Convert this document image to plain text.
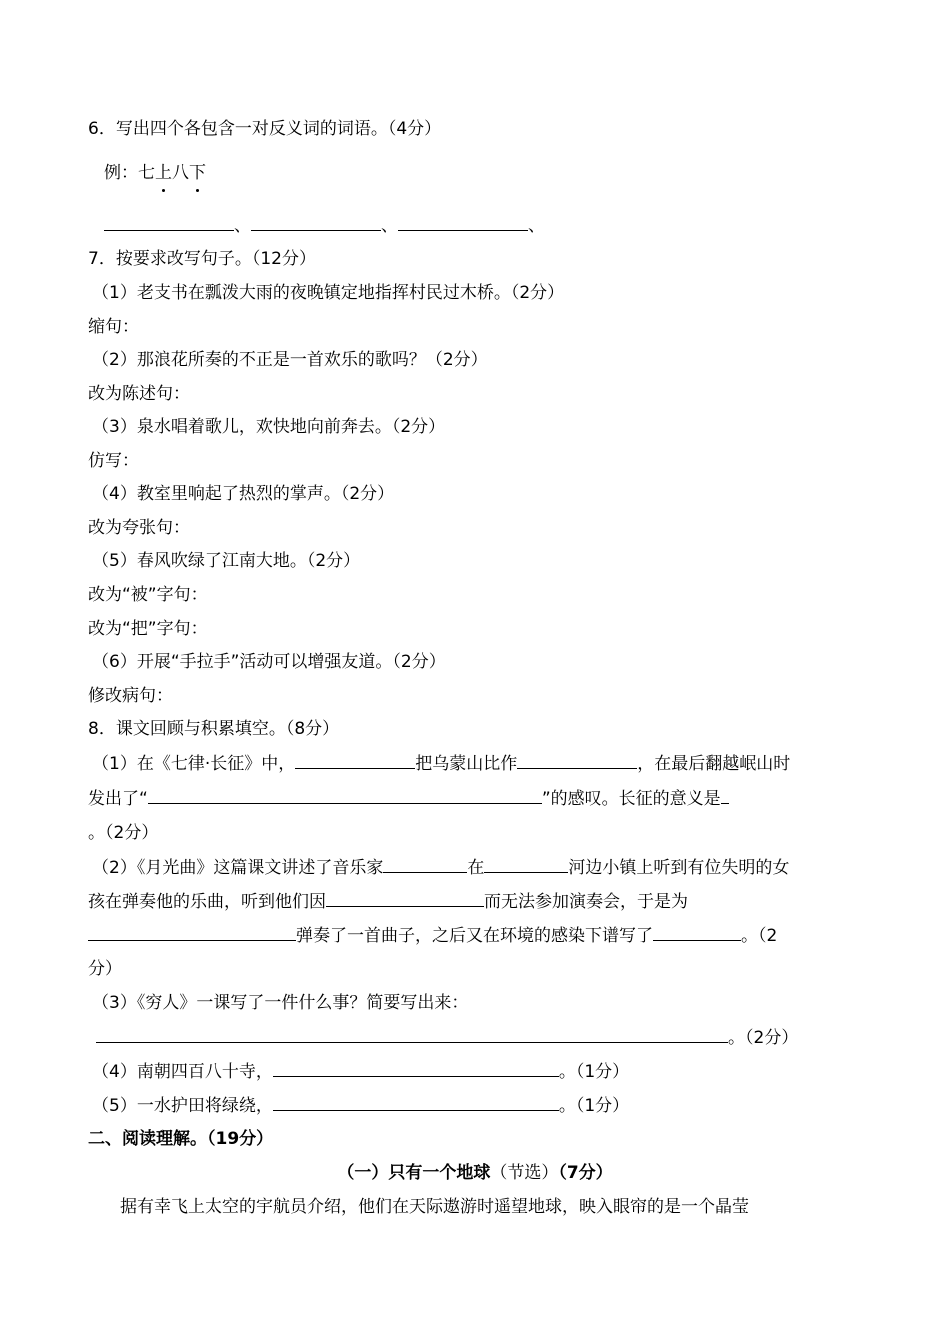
6．写出四个各包含一对反义词的词语。（4分）
例：七上八下
、	、	、
7．按要求改写句子。（12分）
（1）老支书在瓢泼大雨的夜晚镇定地指挥村民过木桥。（2分）
缩句：
（2）那浪花所奏的不正是一首欢乐的歌吗？（2分）
改为陈述句：
（3）泉水唱着歌儿，欢快地向前奔去。（2分）
仿写：
（4）教室里响起了热烈的掌声。（2分）
改为夸张句：
（5）春风吹绿了江南大地。（2分）
改为“被”字句：
改为“把”字句：
（6）开展“手拉手”活动可以增强友道。（2分）
修改病句：
8．课文回顾与积累填空。（8分）
（1）在《七律·长征》中，	把乌蒙山比作	，在最后翻越岷山时
发出了“	”的感叹。长征的意义是
。（2分）
（2）《月光曲》这篇课文讲述了音乐家	在	河边小镇上听到有位失明的女
孩在弹奏他的乐曲，听到他们因	而无法参加演奏会，于是为
弹奏了一首曲子，之后又在环境的感染下谱写了	。（2
分）
（3）《穷人》一课写了一件什么事？简要写出来：
。（2分）
（4）南朝四百八十寺，	。（1分）
（5）一水护田将绿绕，	。（1分）
二、阅读理解。（19分）
（一）只有一个地球（节选）（7分）
据有幸飞上太空的宇航员介绍，他们在天际遨游时遥望地球，映入眼帘的是一个晶莹
